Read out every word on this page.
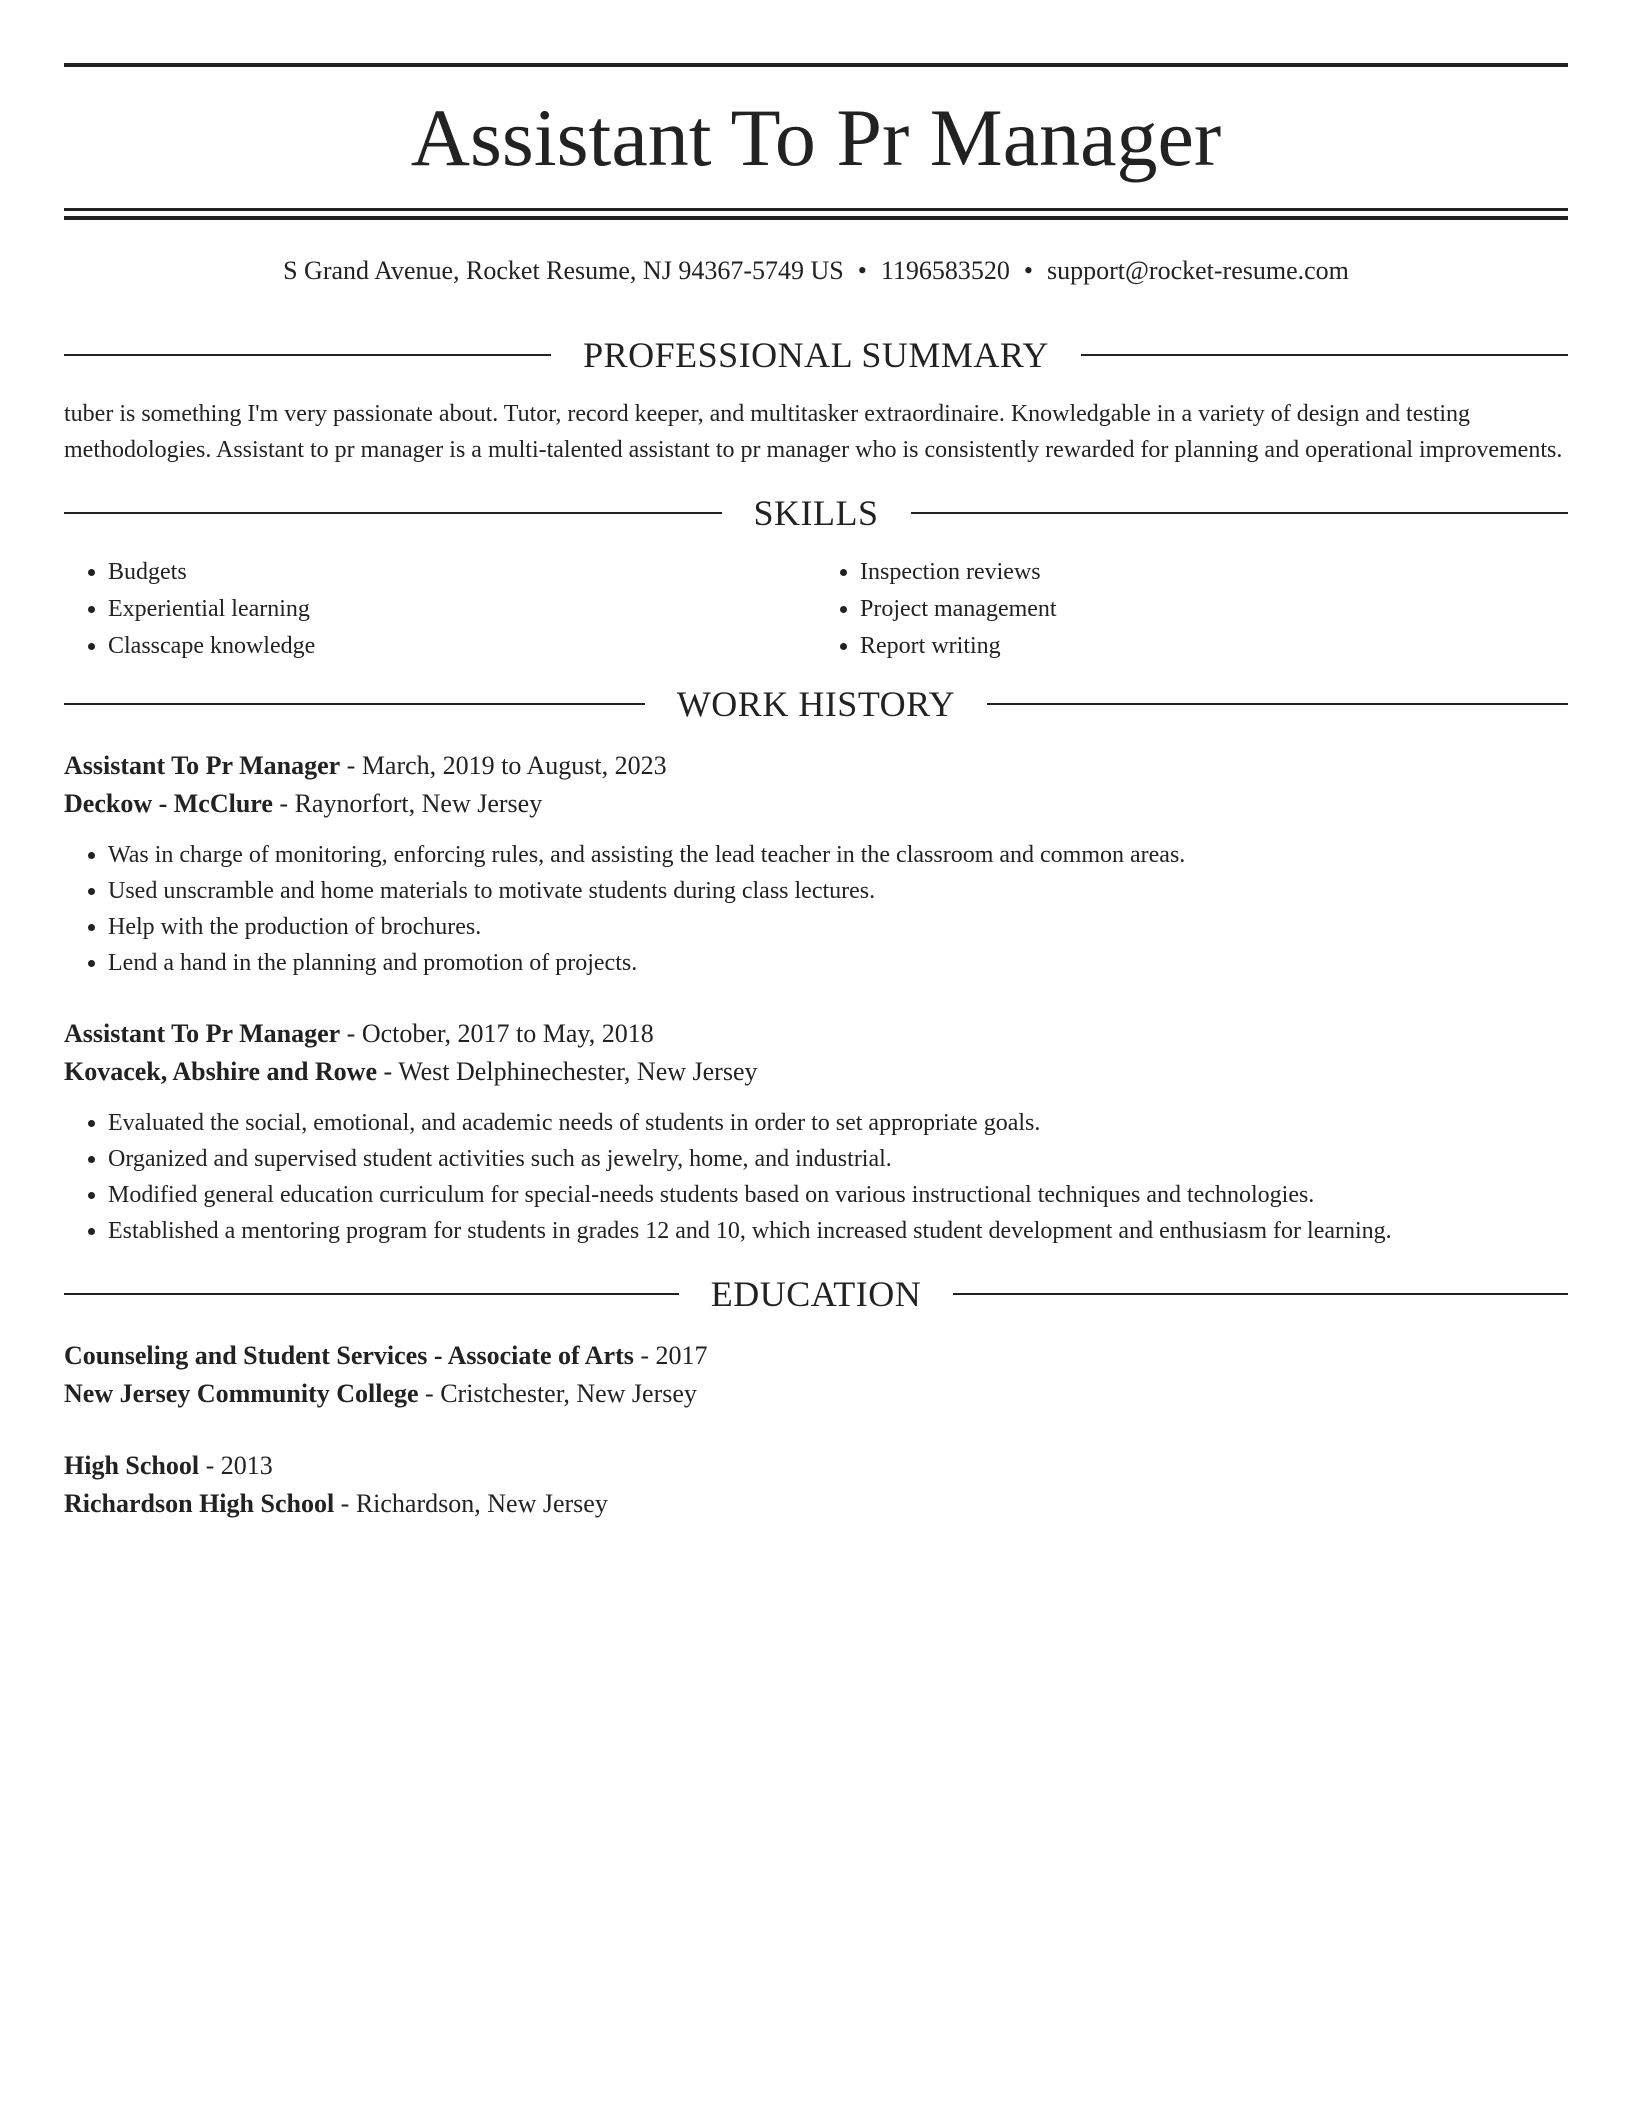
Assistant To Pr Manager
S Grand Avenue, Rocket Resume, NJ 94367-5749 US • 1196583520 • support@rocket-resume.com
PROFESSIONAL SUMMARY

tuber is something I'm very passionate about. Tutor, record keeper, and multitasker extraordinaire. Knowledgable in a variety of design and testing methodologies. Assistant to pr manager is a multi-talented assistant to pr manager who is consistently rewarded for planning and operational improvements.

SKILLS
• Budgets
• Experiential learning
• Classcape knowledge
• Inspection reviews
• Project management
• Report writing
WORK HISTORY
Assistant To Pr Manager - March, 2019 to August, 2023
Deckow - McClure - Raynorfort, New Jersey
• Was in charge of monitoring, enforcing rules, and assisting the lead teacher in the classroom and common areas.
• Used unscramble and home materials to motivate students during class lectures.
• Help with the production of brochures.
• Lend a hand in the planning and promotion of projects.
Assistant To Pr Manager - October, 2017 to May, 2018
Kovacek, Abshire and Rowe - West Delphinechester, New Jersey
• Evaluated the social, emotional, and academic needs of students in order to set appropriate goals.
• Organized and supervised student activities such as jewelry, home, and industrial.
• Modified general education curriculum for special-needs students based on various instructional techniques and technologies.
• Established a mentoring program for students in grades 12 and 10, which increased student development and enthusiasm for learning.
EDUCATION
Counseling and Student Services - Associate of Arts - 2017
New Jersey Community College - Cristchester, New Jersey
High School - 2013
Richardson High School - Richardson, New Jersey
